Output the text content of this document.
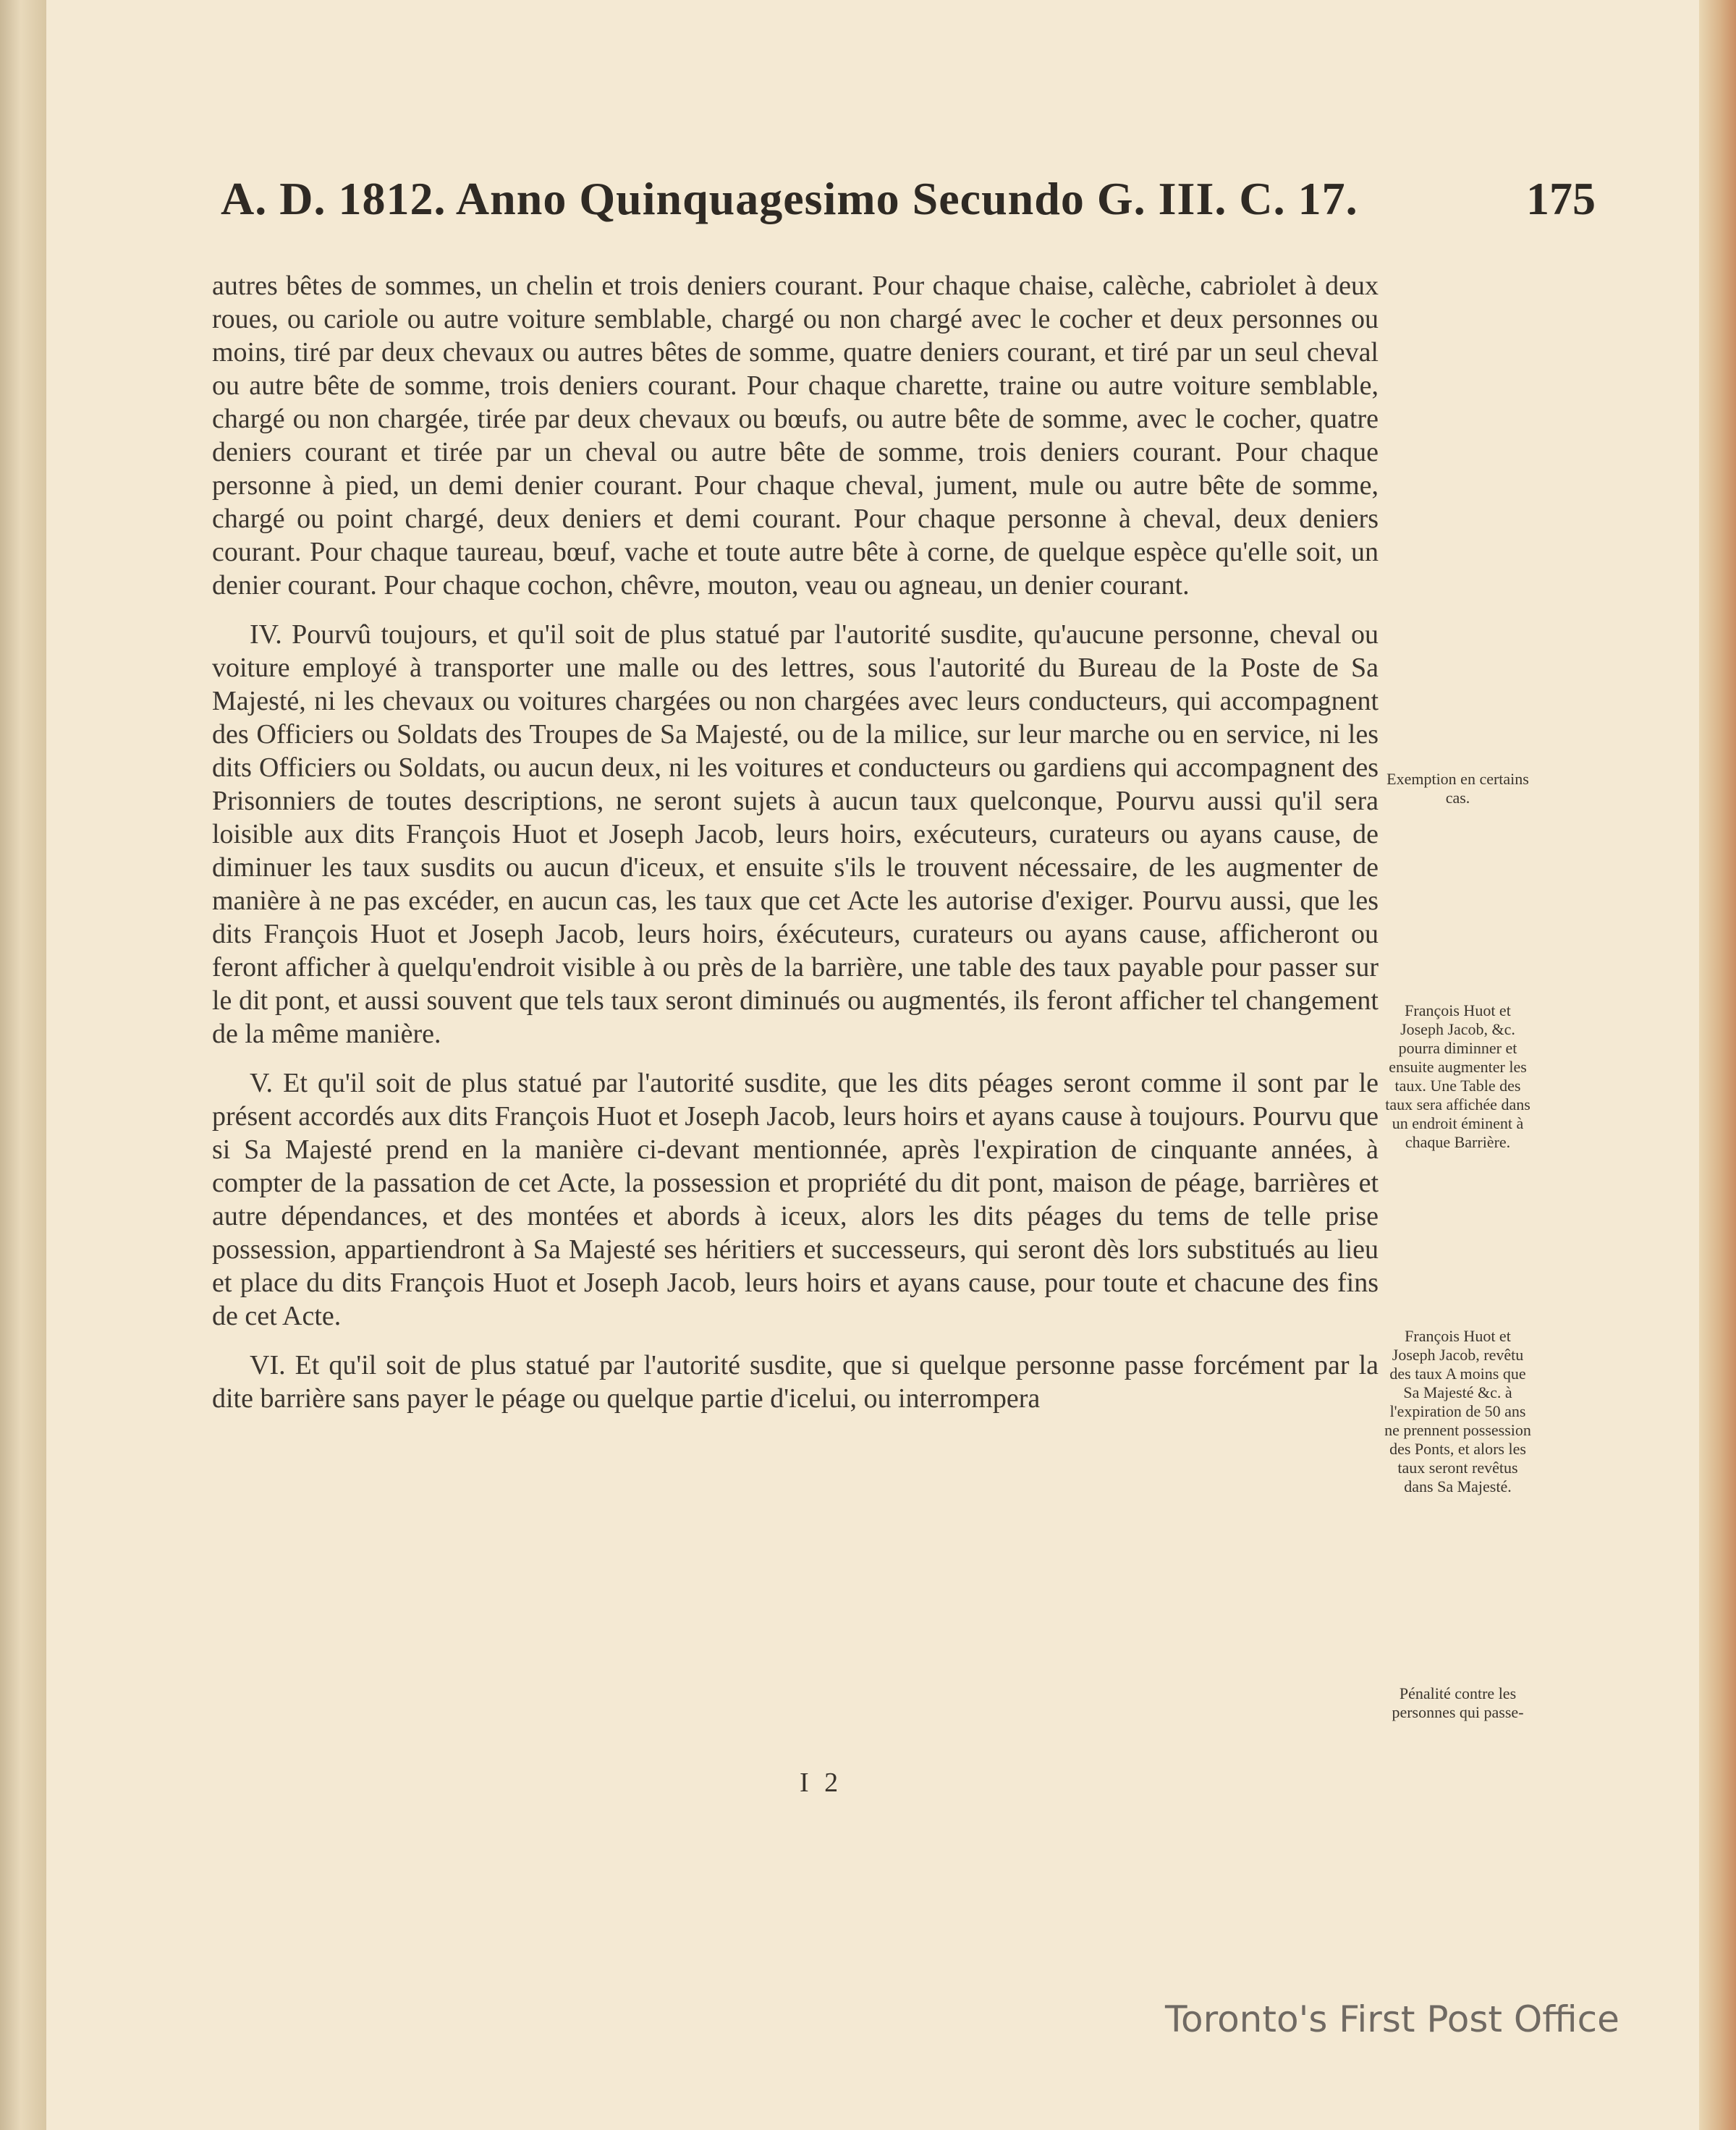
A. D. 1812. Anno Quinquagesimo Secundo G. III. C. 17.	175

autres bêtes de sommes, un chelin et trois deniers courant. Pour chaque chaise, calèche, cabriolet à deux roues, ou cariole ou autre voiture semblable, chargé ou non chargé avec le cocher et deux personnes ou moins, tiré par deux chevaux ou autres bêtes de somme, quatre deniers courant, et tiré par un seul cheval ou autre bête de somme, trois deniers courant. Pour chaque charette, traine ou autre voiture semblable, chargé ou non chargée, tirée par deux chevaux ou bœufs, ou autre bête de somme, avec le cocher, quatre deniers courant et tirée par un cheval ou autre bête de somme, trois deniers courant. Pour chaque personne à pied, un demi denier courant. Pour chaque cheval, jument, mule ou autre bête de somme, chargé ou point chargé, deux deniers et demi courant. Pour chaque personne à cheval, deux deniers courant. Pour chaque taureau, bœuf, vache et toute autre bête à corne, de quelque espèce qu'elle soit, un denier courant. Pour chaque cochon, chêvre, mouton, veau ou agneau, un denier courant.

IV. Pourvû toujours, et qu'il soit de plus statué par l'autorité susdite, qu'aucune personne, cheval ou voiture employé à transporter une malle ou des lettres, sous l'autorité du Bureau de la Poste de Sa Majesté, ni les chevaux ou voitures chargées ou non chargées avec leurs conducteurs, qui accompagnent des Officiers ou Soldats des Troupes de Sa Majesté, ou de la milice, sur leur marche ou en service, ni les dits Officiers ou Soldats, ou aucun deux, ni les voitures et conducteurs ou gardiens qui accompagnent des Prisonniers de toutes descriptions, ne seront sujets à aucun taux quelconque, Pourvu aussi qu'il sera loisible aux dits François Huot et Joseph Jacob, leurs hoirs, exécuteurs, curateurs ou ayans cause, de diminuer les taux susdits ou aucun d'iceux, et ensuite s'ils le trouvent nécessaire, de les augmenter de manière à ne pas excéder, en aucun cas, les taux que cet Acte les autorise d'exiger. Pourvu aussi, que les dits François Huot et Joseph Jacob, leurs hoirs, éxécuteurs, curateurs ou ayans cause, afficheront ou feront afficher à quelqu'endroit visible à ou près de la barrière, une table des taux payable pour passer sur le dit pont, et aussi souvent que tels taux seront diminués ou augmentés, ils feront afficher tel changement de la même manière.

V. Et qu'il soit de plus statué par l'autorité susdite, que les dits péages seront comme il sont par le présent accordés aux dits François Huot et Joseph Jacob, leurs hoirs et ayans cause à toujours. Pourvu que si Sa Majesté prend en la manière ci-devant mentionnée, après l'expiration de cinquante années, à compter de la passation de cet Acte, la possession et propriété du dit pont, maison de péage, barrières et autre dépendances, et des montées et abords à iceux, alors les dits péages du tems de telle prise possession, appartiendront à Sa Majesté ses héritiers et successeurs, qui seront dès lors substitués au lieu et place du dits François Huot et Joseph Jacob, leurs hoirs et ayans cause, pour toute et chacune des fins de cet Acte.

VI. Et qu'il soit de plus statué par l'autorité susdite, que si quelque personne passe forcément par la dite barrière sans payer le péage ou quelque partie d'icelui, ou interrompera

Exemption en certains cas.
François Huot et Joseph Jacob, &c. pourra diminner et ensuite augmenter les taux. Une Table des taux sera affichée dans un endroit éminent à chaque Barrière.
François Huot et Joseph Jacob, revêtu des taux A moins que Sa Majesté &c. à l'expiration de 50 ans ne prennent possession des Ponts, et alors les taux seront revêtus dans Sa Majesté.
Pénalité contre les personnes qui passe-
I 2
Toronto's First Post Office
